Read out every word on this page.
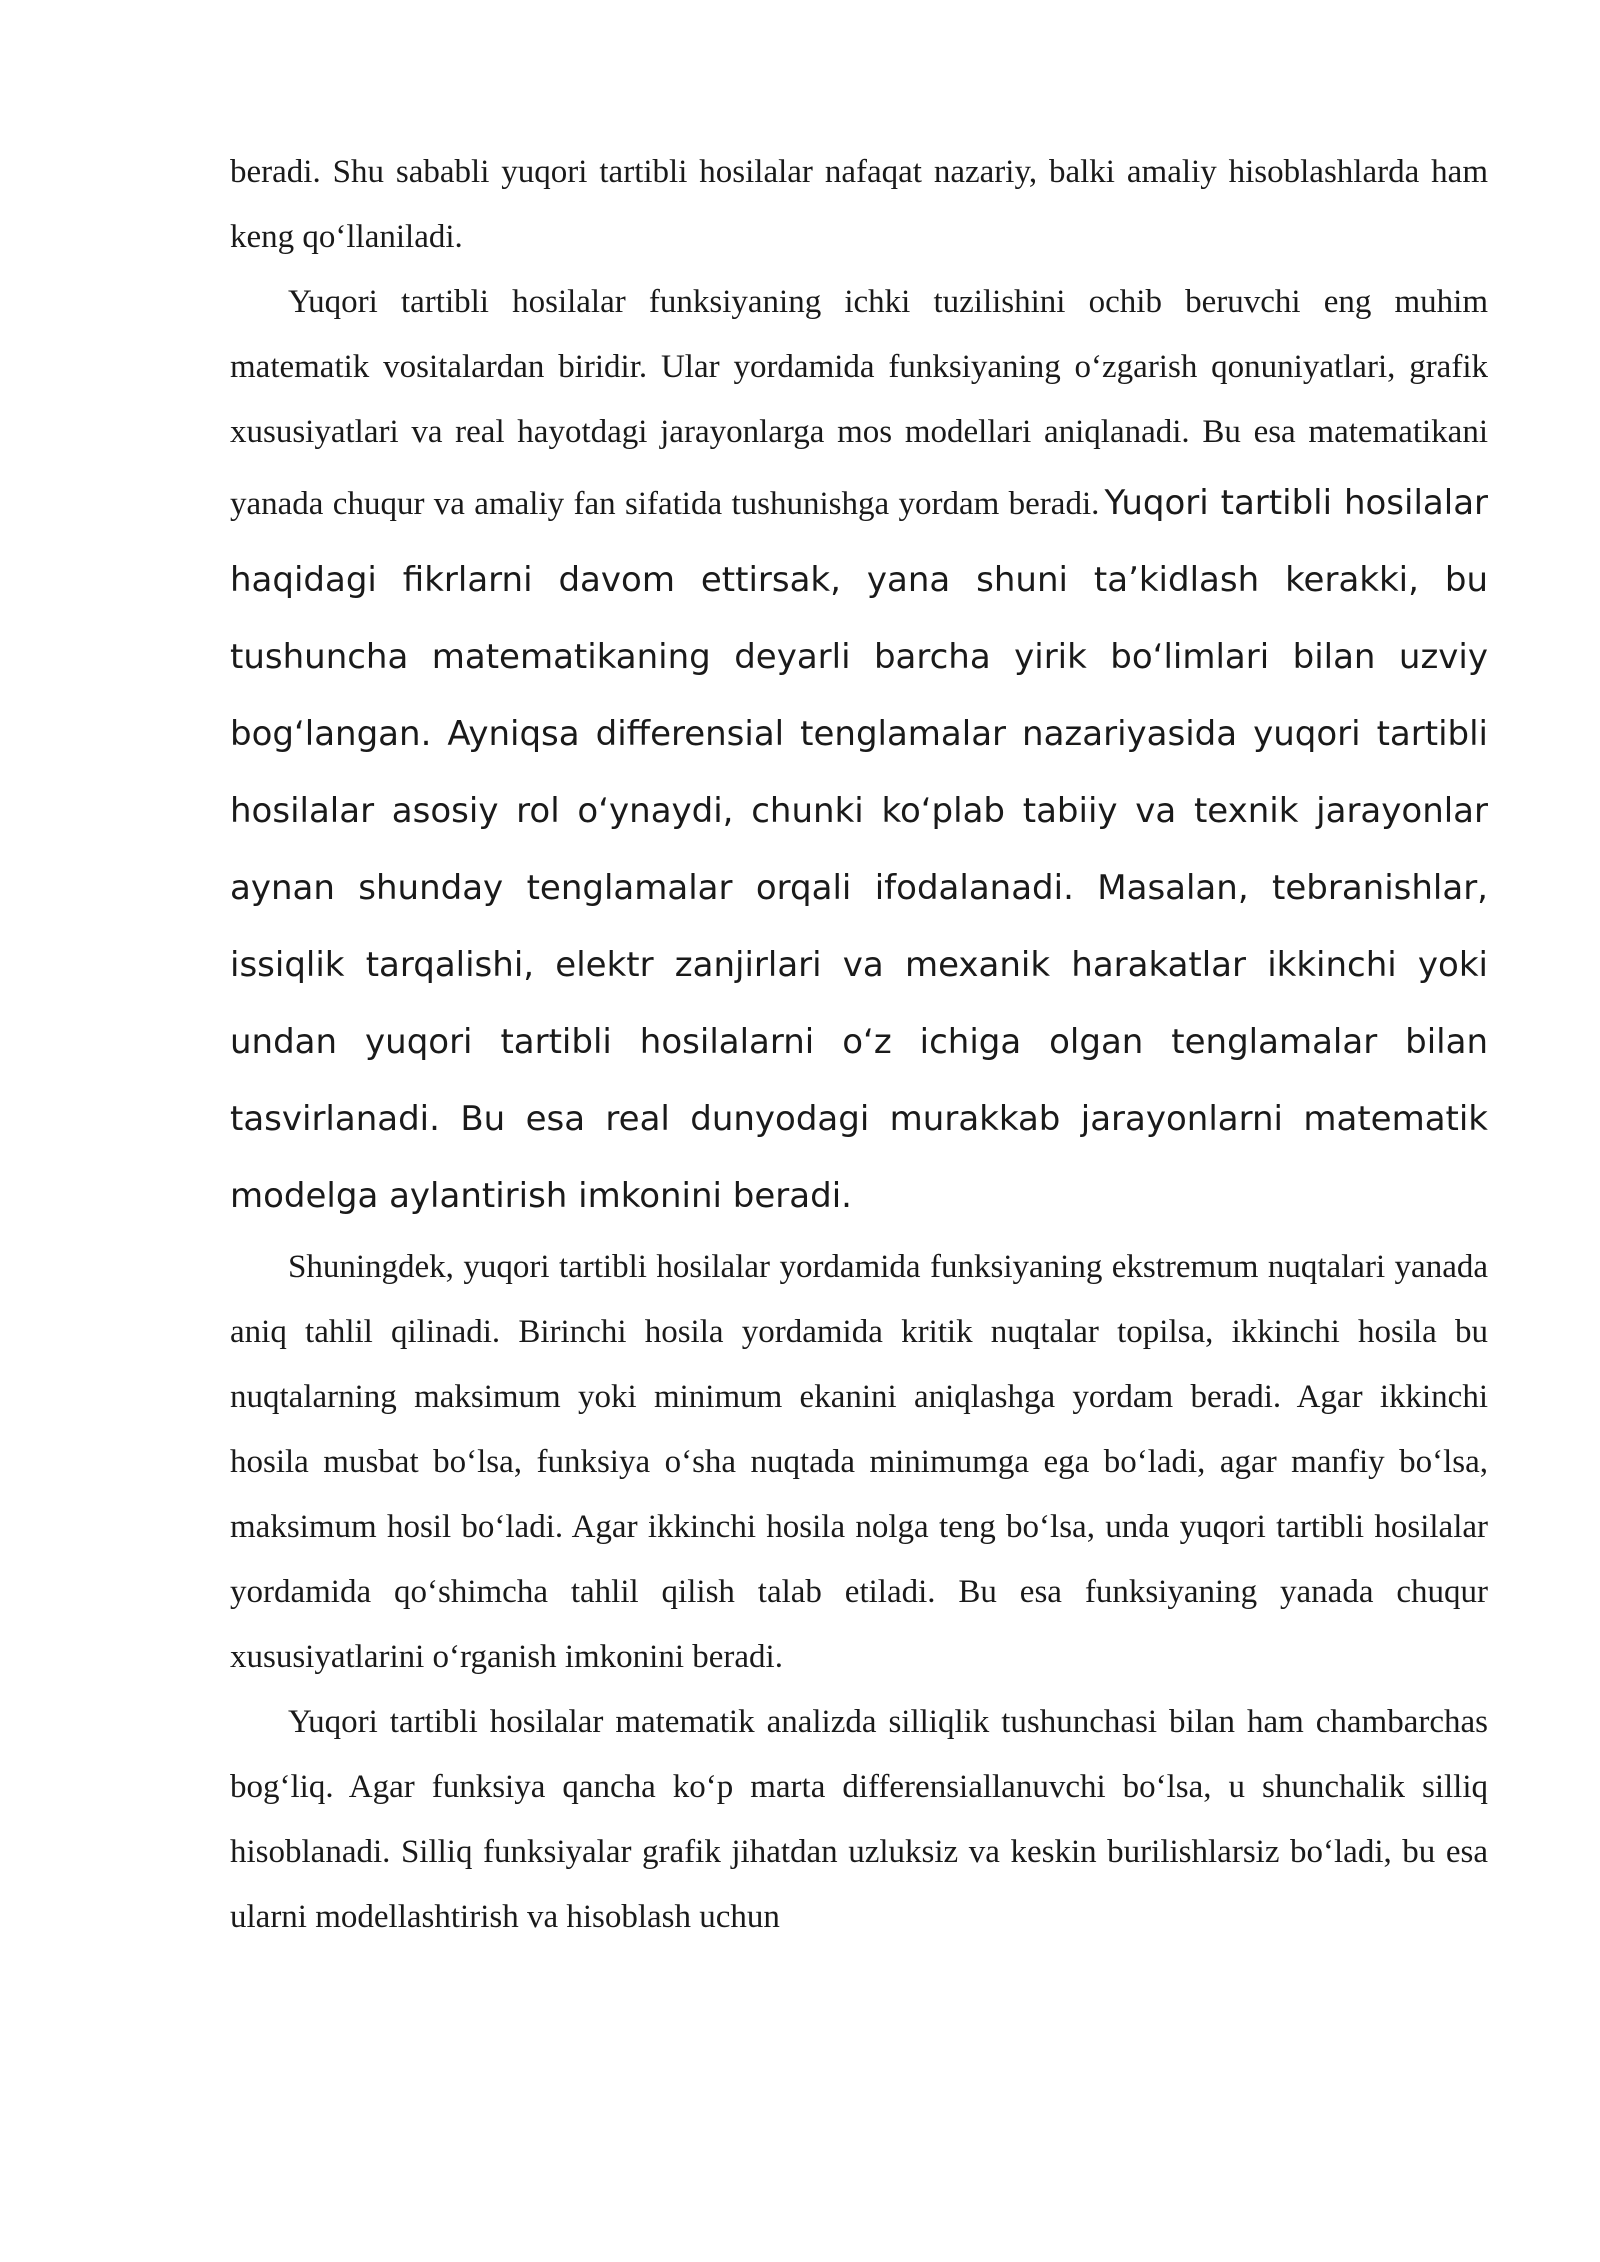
beradi. Shu sababli yuqori tartibli hosilalar nafaqat nazariy, balki amaliy hisoblashlarda ham keng qo‘llaniladi.

Yuqori tartibli hosilalar funksiyaning ichki tuzilishini ochib beruvchi eng muhim matematik vositalardan biridir. Ular yordamida funksiyaning o‘zgarish qonuniyatlari, grafik xususiyatlari va real hayotdagi jarayonlarga mos modellari aniqlanadi. Bu esa matematikani yanada chuqur va amaliy fan sifatida tushunishga yordam beradi. Yuqori tartibli hosilalar haqidagi fikrlarni davom ettirsak, yana shuni ta’kidlash kerakki, bu tushuncha matematikaning deyarli barcha yirik bo‘limlari bilan uzviy bog‘langan. Ayniqsa differensial tenglamalar nazariyasida yuqori tartibli hosilalar asosiy rol o‘ynaydi, chunki ko‘plab tabiiy va texnik jarayonlar aynan shunday tenglamalar orqali ifodalanadi. Masalan, tebranishlar, issiqlik tarqalishi, elektr zanjirlari va mexanik harakatlar ikkinchi yoki undan yuqori tartibli hosilalarni o‘z ichiga olgan tenglamalar bilan tasvirlanadi. Bu esa real dunyodagi murakkab jarayonlarni matematik modelga aylantirish imkonini beradi.

Shuningdek, yuqori tartibli hosilalar yordamida funksiyaning ekstremum nuqtalari yanada aniq tahlil qilinadi. Birinchi hosila yordamida kritik nuqtalar topilsa, ikkinchi hosila bu nuqtalarning maksimum yoki minimum ekanini aniqlashga yordam beradi. Agar ikkinchi hosila musbat bo‘lsa, funksiya o‘sha nuqtada minimumga ega bo‘ladi, agar manfiy bo‘lsa, maksimum hosil bo‘ladi. Agar ikkinchi hosila nolga teng bo‘lsa, unda yuqori tartibli hosilalar yordamida qo‘shimcha tahlil qilish talab etiladi. Bu esa funksiyaning yanada chuqur xususiyatlarini o‘rganish imkonini beradi.

Yuqori tartibli hosilalar matematik analizda silliqlik tushunchasi bilan ham chambarchas bog‘liq. Agar funksiya qancha ko‘p marta differensiallanuvchi bo‘lsa, u shunchalik silliq hisoblanadi. Silliq funksiyalar grafik jihatdan uzluksiz va keskin burilishlarsiz bo‘ladi, bu esa ularni modellashtirish va hisoblash uchun
